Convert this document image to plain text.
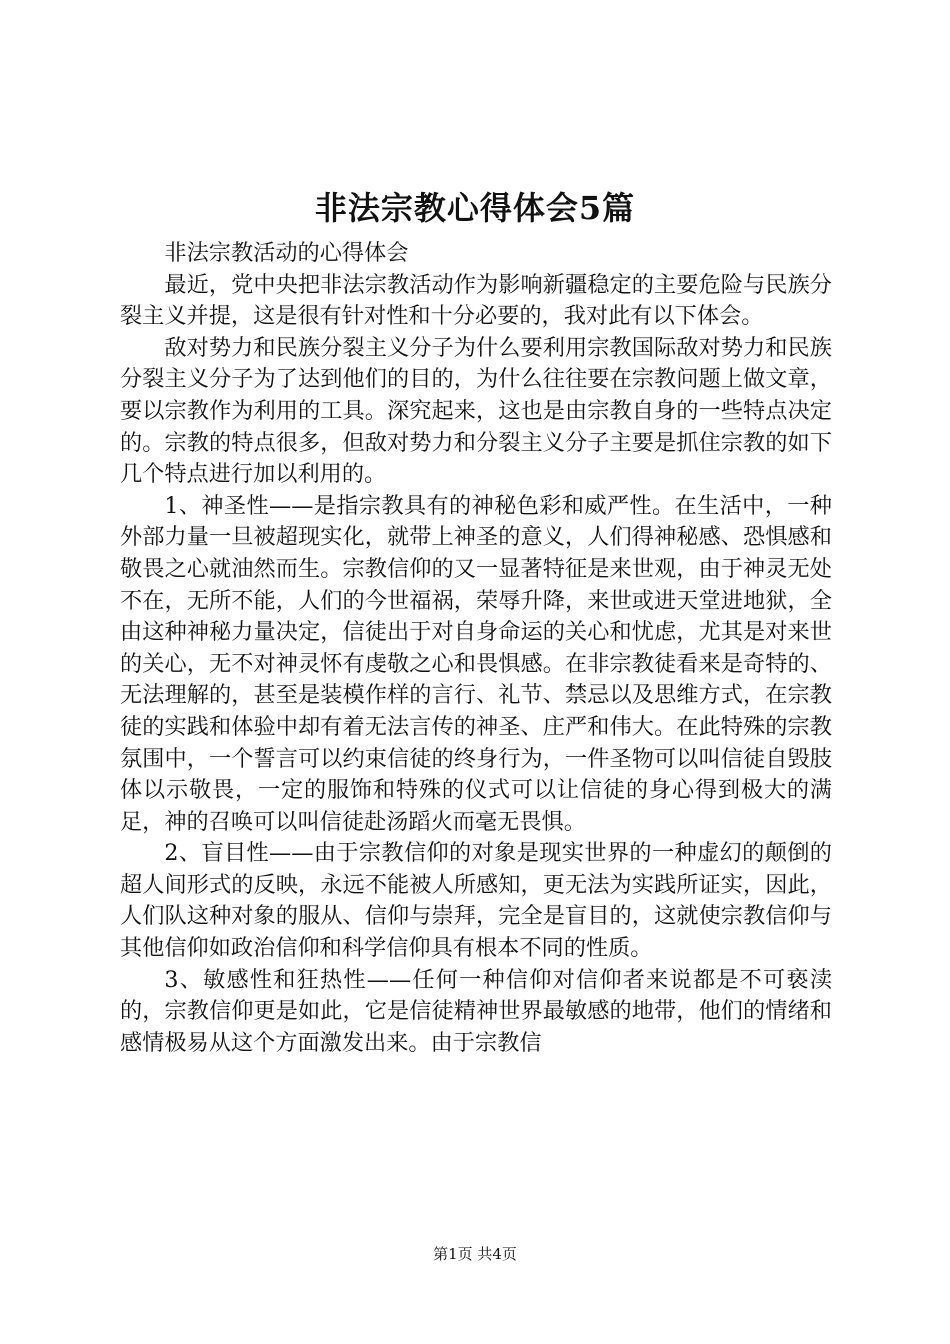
非法宗教心得体会5篇

非法宗教活动的心得体会

最近，党中央把非法宗教活动作为影响新疆稳定的主要危险与民族分裂主义并提，这是很有针对性和十分必要的，我对此有以下体会。

敌对势力和民族分裂主义分子为什么要利用宗教国际敌对势力和民族分裂主义分子为了达到他们的目的，为什么往往要在宗教问题上做文章，要以宗教作为利用的工具。深究起来，这也是由宗教自身的一些特点决定的。宗教的特点很多，但敌对势力和分裂主义分子主要是抓住宗教的如下几个特点进行加以利用的。

1、神圣性——是指宗教具有的神秘色彩和威严性。在生活中，一种外部力量一旦被超现实化，就带上神圣的意义，人们得神秘感、恐惧感和敬畏之心就油然而生。宗教信仰的又一显著特征是来世观，由于神灵无处不在，无所不能，人们的今世福祸，荣辱升降，来世或进天堂进地狱，全由这种神秘力量决定，信徒出于对自身命运的关心和忧虑，尤其是对来世的关心，无不对神灵怀有虔敬之心和畏惧感。在非宗教徒看来是奇特的、无法理解的，甚至是装模作样的言行、礼节、禁忌以及思维方式，在宗教徒的实践和体验中却有着无法言传的神圣、庄严和伟大。在此特殊的宗教氛围中，一个誓言可以约束信徒的终身行为，一件圣物可以叫信徒自毁肢体以示敬畏，一定的服饰和特殊的仪式可以让信徒的身心得到极大的满足，神的召唤可以叫信徒赴汤蹈火而毫无畏惧。

2、盲目性——由于宗教信仰的对象是现实世界的一种虚幻的颠倒的超人间形式的反映，永远不能被人所感知，更无法为实践所证实，因此，人们队这种对象的服从、信仰与崇拜，完全是盲目的，这就使宗教信仰与其他信仰如政治信仰和科学信仰具有根本不同的性质。

3、敏感性和狂热性——任何一种信仰对信仰者来说都是不可亵渎的，宗教信仰更是如此，它是信徒精神世界最敏感的地带，他们的情绪和感情极易从这个方面激发出来。由于宗教信

第1页 共4页
